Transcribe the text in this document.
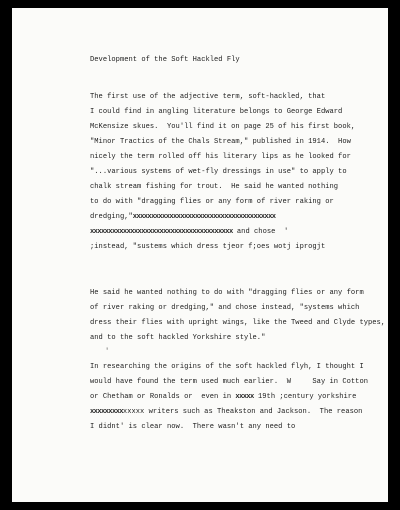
Development of the Soft Hackled Fly
The first use of the adjective term, soft-hackled, that
I could find in angling literature belongs to George Edward
McKensize skues.  You'll find it on page 25 of his first book,
"Minor Tractics of the Chals Stream," published in 1914.  How
nicely the term rolled off his literary lips as he looked for
"...various systems of wet-fly dressings in use" to apply to
chalk stream fishing for trout.  He said he wanted nothing
to do with "dragging flies or any form of river raking or
dredging,"xxxxxxxxxxxxxxxxxxxxxxxxxxxxxxxxxxxxxxx
xxxxxxxxxxxxxxxxxxxxxxxxxxxxxxxxxxxxxxx and chose  '
;instead, "sustems which dress tjeor f;oes wotj iprogjt
He said he wanted nothing to do with "dragging flies or any form
of river raking or dredging," and chose instead, "systems which
dress their flies with upright wings, like the Tweed and Clyde types,
and to the soft hackled Yorkshire style."
'
In researching the origins of the soft hackled flyh, I thought I
would have found the term used much earlier.  W     Say in Cotton
or Chetham or Ronalds or  even in xxxxx 19th ;century yorkshire
xxxxxxxxxxxxxx writers such as Theakston and Jackson.  The reason
I didnt' is clear now.  There wasn't any need to
